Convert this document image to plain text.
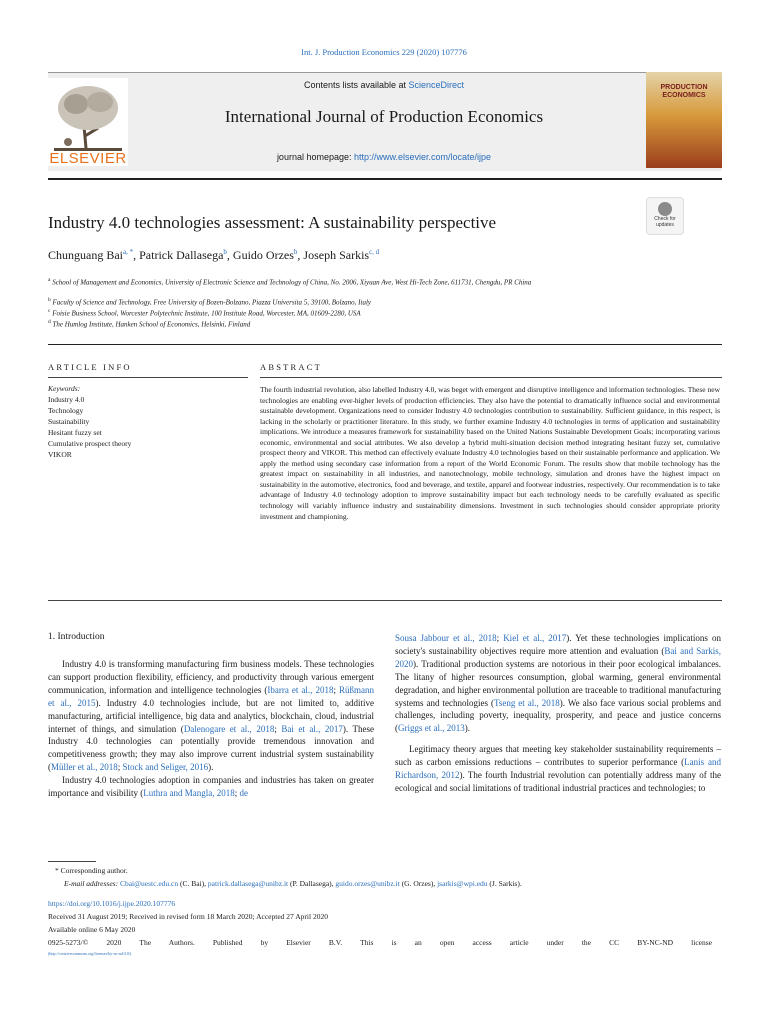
Int. J. Production Economics 229 (2020) 107776
ELSEVIER
Contents lists available at ScienceDirect
International Journal of Production Economics
journal homepage: http://www.elsevier.com/locate/ijpe
PRODUCTION ECONOMICS
Industry 4.0 technologies assessment: A sustainability perspective	Check for updates
Chunguang Bai$^{a, *}$, Patrick Dallasega$^b$, Guido Orzes$^b$, Joseph Sarkis$^{c, d}$
$^a$ School of Management and Economics, University of Electronic Science and Technology of China, No. 2006, Xiyuan Ave, West Hi-Tech Zone, 611731, Chengdu, PR China
$^b$ Faculty of Science and Technology, Free University of Bozen-Bolzano, Piazza Universita 5, 39100, Bolzano, Italy
$^c$ Foisie Business School, Worcester Polytechnic Institute, 100 Institute Road, Worcester, MA, 01609-2280, USA
$^d$ The Humlog Institute, Hanken School of Economics, Helsinki, Finland
ARTICLE INFO	ABSTRACT
Keywords:
Industry 4.0
Technology
Sustainability
Hesitant fuzzy set
Cumulative prospect theory
VIKOR
The fourth industrial revolution, also labelled Industry 4.0, was beget with emergent and disruptive intelligence and information technologies. These new technologies are enabling ever-higher levels of production efficiencies. They also have the potential to dramatically influence social and environmental sustainable development. Organizations need to consider Industry 4.0 technologies contribution to sustainability. Sufficient guidance, in this respect, is lacking in the scholarly or practitioner literature. In this study, we further examine Industry 4.0 technologies in terms of application and sustainability implications. We introduce a measures framework for sustainability based on the United Nations Sustainable Development Goals; incorporating various economic, environmental and social attributes. We also develop a hybrid multi-situation decision method integrating hesitant fuzzy set, cumulative prospect theory and VIKOR. This method can effectively evaluate Industry 4.0 technologies based on their sustainable performance and application. We apply the method using secondary case information from a report of the World Economic Forum. The results show that mobile technology has the greatest impact on sustainability in all industries, and nanotechnology, mobile technology, simulation and drones have the highest impact on sustainability in the automotive, electronics, food and beverage, and textile, apparel and footwear industries, respectively. Our recommendation is to take advantage of Industry 4.0 technology adoption to improve sustainability impact but each technology needs to be carefully evaluated as specific technology will variably influence industry and sustainability dimensions. Investment in such technologies should consider appropriate priority investment and championing.
1. Introduction

Industry 4.0 is transforming manufacturing firm business models. These technologies can support production flexibility, efficiency, and productivity through various emergent communication, information and intelligence technologies (Ibarra et al., 2018; Rüßmann et al., 2015). Industry 4.0 technologies include, but are not limited to, additive manufacturing, artificial intelligence, big data and analytics, blockchain, cloud, industrial internet of things, and simulation (Dalenogare et al., 2018; Bai et al., 2017). These Industry 4.0 technologies can potentially provide tremendous innovation and competitiveness growth; they may also improve current industrial system sustainability (Müller et al., 2018; Stock and Seliger, 2016).

Industry 4.0 technologies adoption in companies and industries has taken on greater importance and visibility (Luthra and Mangla, 2018; de

Sousa Jabbour et al., 2018; Kiel et al., 2017). Yet these technologies implications on society's sustainability objectives require more attention and evaluation (Bai and Sarkis, 2020). Traditional production systems are notorious in their poor ecological imbalances. The litany of higher resources consumption, global warming, general environmental degradation, and higher environmental pollution are traceable to traditional manufacturing systems and technologies (Tseng et al., 2018). We also face various social problems and challenges, including poverty, inequality, prosperity, and peace and justice concerns (Griggs et al., 2013).

Legitimacy theory argues that meeting key stakeholder sustainability requirements – such as carbon emissions reductions – contributes to superior performance (Lanis and Richardson, 2012). The fourth Industrial revolution can potentially address many of the ecological and social limitations of traditional industrial practices and technologies; to

* Corresponding author.
E-mail addresses: Cbai@uestc.edu.cn (C. Bai), patrick.dallasega@unibz.it (P. Dallasega), guido.orzes@unibz.it (G. Orzes), jsarkis@wpi.edu (J. Sarkis).
https://doi.org/10.1016/j.ijpe.2020.107776
Received 31 August 2019; Received in revised form 18 March 2020; Accepted 27 April 2020
Available online 6 May 2020
0925-5273/© 2020 The Authors. Published by Elsevier B.V. This is an open access article under the CC BY-NC-ND license
(http://creativecommons.org/licenses/by-nc-nd/4.0/).
